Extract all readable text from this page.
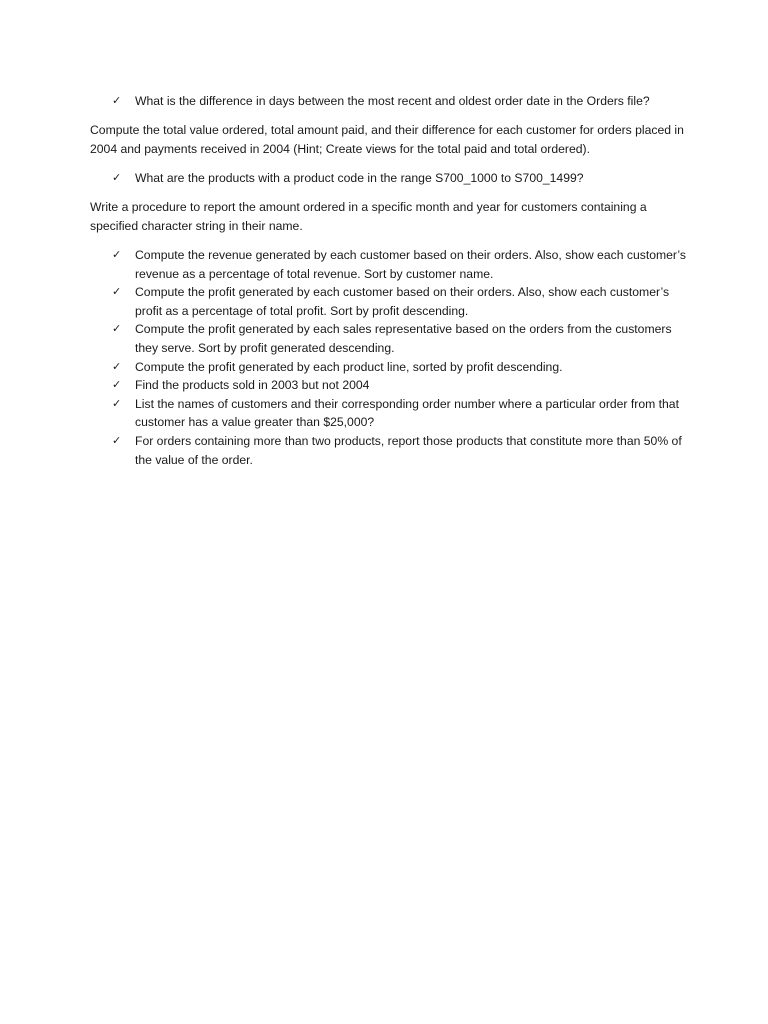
✓	What is the difference in days between the most recent and oldest order date in the Orders file?
Compute the total value ordered, total amount paid, and their difference for each customer for orders placed in 2004 and payments received in 2004 (Hint; Create views for the total paid and total ordered).
✓	What are the products with a product code in the range S700_1000 to S700_1499?
Write a procedure to report the amount ordered in a specific month and year for customers containing a specified character string in their name.
✓	Compute the revenue generated by each customer based on their orders. Also, show each customer’s revenue as a percentage of total revenue. Sort by customer name.
✓	Compute the profit generated by each customer based on their orders. Also, show each customer’s profit as a percentage of total profit. Sort by profit descending.
✓	Compute the profit generated by each sales representative based on the orders from the customers they serve. Sort by profit generated descending.
✓	Compute the profit generated by each product line, sorted by profit descending.
✓	Find the products sold in 2003 but not 2004
✓	List the names of customers and their corresponding order number where a particular order from that customer has a value greater than $25,000?
✓	For orders containing more than two products, report those products that constitute more than 50% of the value of the order.
